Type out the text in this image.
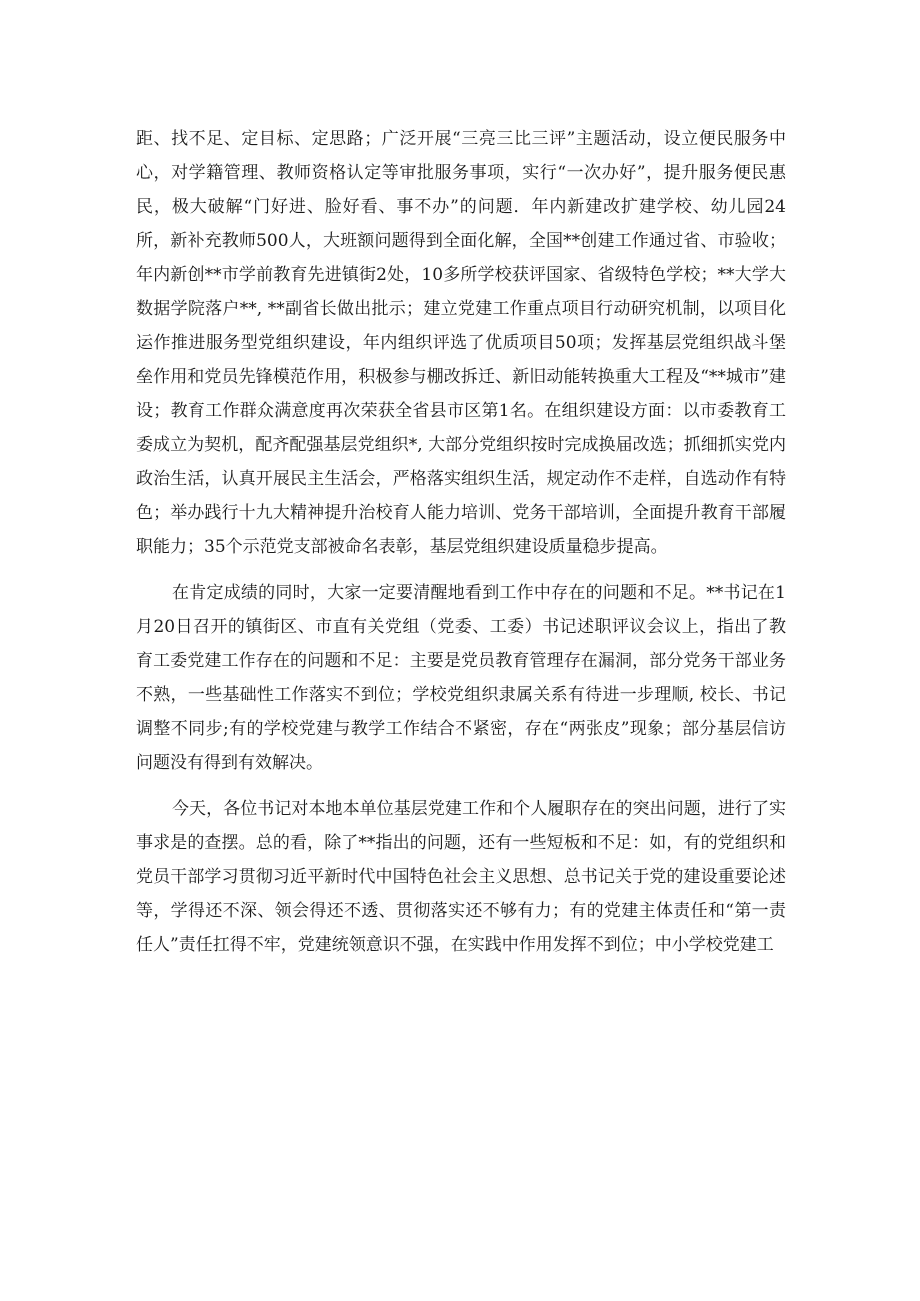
距、找不足、定目标、定思路；广泛开展“三亮三比三评”主题活动，设立便民服务中心，对学籍管理、教师资格认定等审批服务事项，实行“一次办好”，提升服务便民惠民，极大破解“门好进、脸好看、事不办”的问题．年内新建改扩建学校、幼儿园24所，新补充教师500人，大班额问题得到全面化解，全国**创建工作通过省、市验收；年内新创**市学前教育先进镇街2处，10多所学校获评国家、省级特色学校；**大学大数据学院落户**, **副省长做出批示；建立党建工作重点项目行动研究机制，以项目化运作推进服务型党组织建设，年内组织评选了优质项目50项；发挥基层党组织战斗堡垒作用和党员先锋模范作用，积极参与棚改拆迁、新旧动能转换重大工程及“**城市”建设；教育工作群众满意度再次荣获全省县市区第1名。在组织建设方面：以市委教育工委成立为契机，配齐配强基层党组织*, 大部分党组织按时完成换届改选；抓细抓实党内政治生活，认真开展民主生活会，严格落实组织生活，规定动作不走样，自选动作有特色；举办践行十九大精神提升治校育人能力培训、党务干部培训，全面提升教育干部履职能力；35个示范党支部被命名表彰，基层党组织建设质量稳步提高。

在肯定成绩的同时，大家一定要清醒地看到工作中存在的问题和不足。**书记在1月20日召开的镇街区、市直有关党组（党委、工委）书记述职评议会议上，指出了教育工委党建工作存在的问题和不足：主要是党员教育管理存在漏洞，部分党务干部业务不熟，一些基础性工作落实不到位；学校党组织隶属关系有待进一步理顺, 校长、书记调整不同步;有的学校党建与教学工作结合不紧密，存在“两张皮”现象；部分基层信访问题没有得到有效解决。

今天，各位书记对本地本单位基层党建工作和个人履职存在的突出问题，进行了实事求是的查摆。总的看，除了**指出的问题，还有一些短板和不足：如，有的党组织和党员干部学习贯彻习近平新时代中国特色社会主义思想、总书记关于党的建设重要论述等，学得还不深、领会得还不透、贯彻落实还不够有力；有的党建主体责任和“第一责任人”责任扛得不牢，党建统领意识不强，在实践中作用发挥不到位；中小学校党建工
